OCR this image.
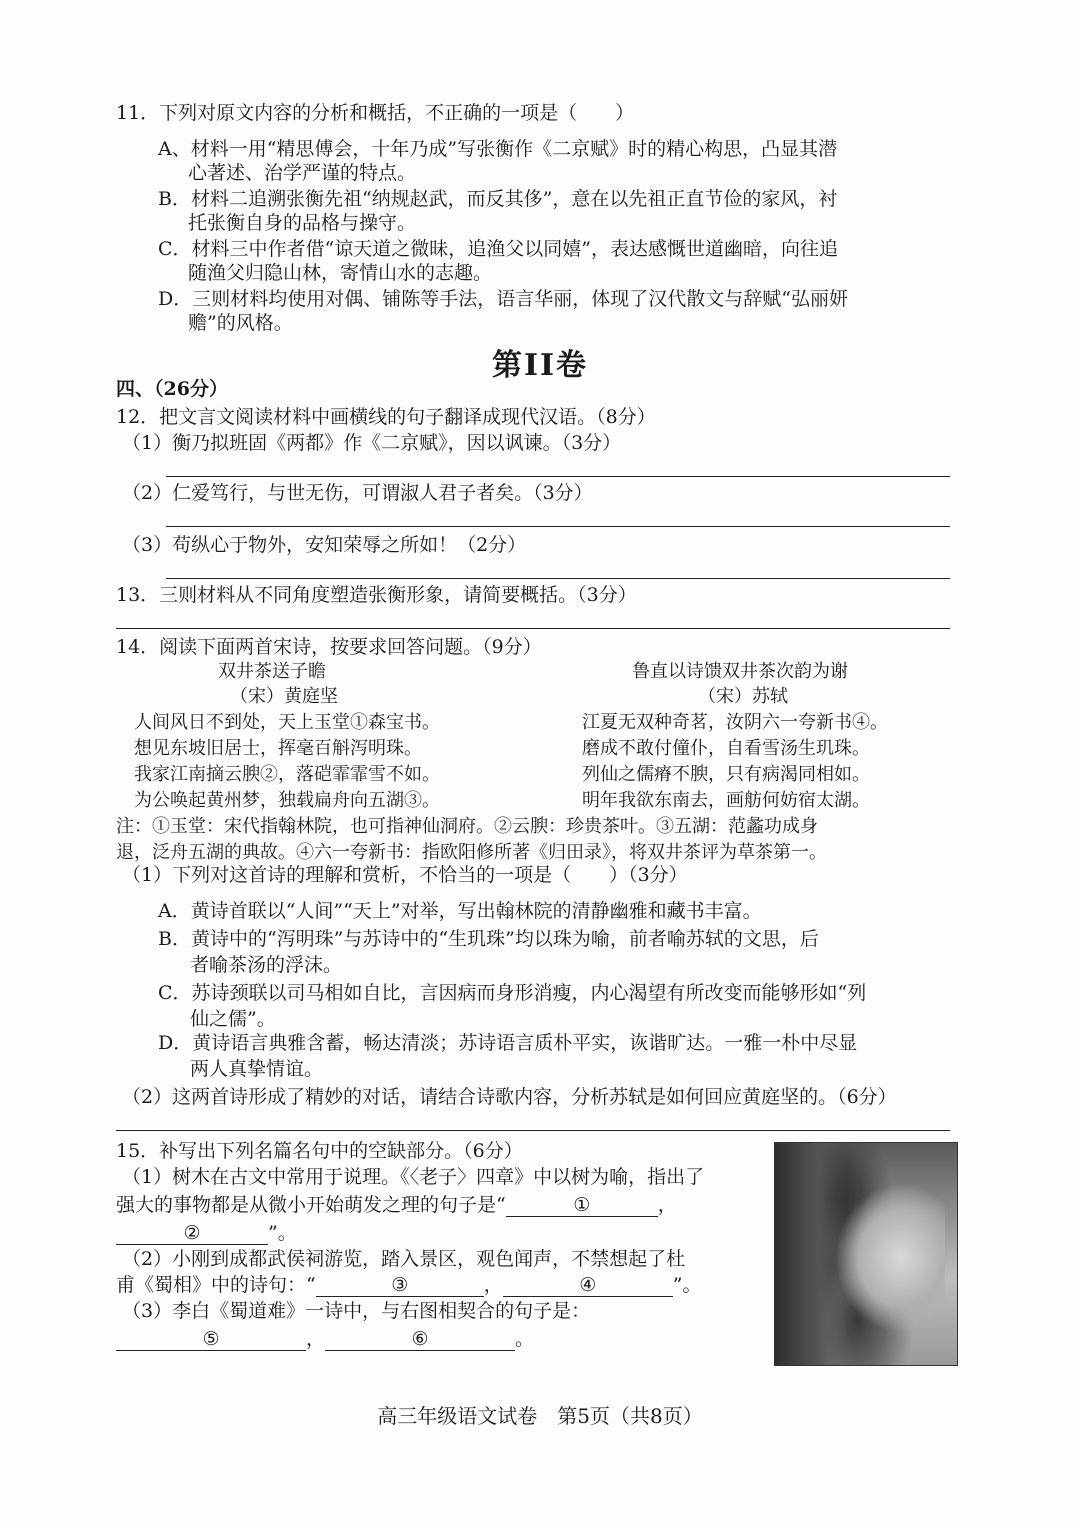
11．下列对原文内容的分析和概括，不正确的一项是（　　）
A、材料一用“精思傅会，十年乃成”写张衡作《二京赋》时的精心构思，凸显其潜
心著述、治学严谨的特点。
B．材料二追溯张衡先祖“纳规赵武，而反其侈”，意在以先祖正直节俭的家风，衬
托张衡自身的品格与操守。
C．材料三中作者借“谅天道之微昧，追渔父以同嬉”，表达感慨世道幽暗，向往追
随渔父归隐山林，寄情山水的志趣。
D．三则材料均使用对偶、铺陈等手法，语言华丽，体现了汉代散文与辞赋“弘丽妍
赡”的风格。
第II卷
四、（26分）
12．把文言文阅读材料中画横线的句子翻译成现代汉语。（8分）
（1）衡乃拟班固《两都》作《二京赋》，因以讽谏。（3分）
（2）仁爱笃行，与世无伤，可谓淑人君子者矣。（3分）
（3）苟纵心于物外，安知荣辱之所如！（2分）
13．三则材料从不同角度塑造张衡形象，请简要概括。（3分）
14．阅读下面两首宋诗，按要求回答问题。（9分）
双井茶送子瞻
（宋）黄庭坚
人间风日不到处，天上玉堂①森宝书。
想见东坡旧居士，挥毫百斛泻明珠。
我家江南摘云腴②，落硙霏霏雪不如。
为公唤起黄州梦，独载扁舟向五湖③。
鲁直以诗馈双井茶次韵为谢
（宋）苏轼
江夏无双种奇茗，汝阴六一夸新书④。
磨成不敢付僮仆，自看雪汤生玑珠。
列仙之儒瘠不腴，只有病渴同相如。
明年我欲东南去，画舫何妨宿太湖。
注：①玉堂：宋代指翰林院，也可指神仙洞府。②云腴：珍贵茶叶。③五湖：范蠡功成身
退，泛舟五湖的典故。④六一夸新书：指欧阳修所著《归田录》，将双井茶评为草茶第一。
（1）下列对这首诗的理解和赏析，不恰当的一项是（　　）（3分）
A．黄诗首联以“人间”“天上”对举，写出翰林院的清静幽雅和藏书丰富。
B．黄诗中的“泻明珠”与苏诗中的“生玑珠”均以珠为喻，前者喻苏轼的文思，后
者喻茶汤的浮沫。
C．苏诗颈联以司马相如自比，言因病而身形消瘦，内心渴望有所改变而能够形如“列
仙之儒”。
D．黄诗语言典雅含蓄，畅达清淡；苏诗语言质朴平实，诙谐旷达。一雅一朴中尽显
两人真挚情谊。
（2）这两首诗形成了精妙的对话，请结合诗歌内容，分析苏轼是如何回应黄庭坚的。（6分）
15．补写出下列名篇名句中的空缺部分。（6分）
（1）树木在古文中常用于说理。《〈老子〉四章》中以树为喻，指出了
强大的事物都是从微小开始萌发之理的句子是“	①	，
②	”。
（2）小刚到成都武侯祠游览，踏入景区，观色闻声，不禁想起了杜
甫《蜀相》中的诗句：“	③	，	④	”。
（3）李白《蜀道难》一诗中，与右图相契合的句子是：
⑤	，	⑥	。
高三年级语文试卷　第5页（共8页）
